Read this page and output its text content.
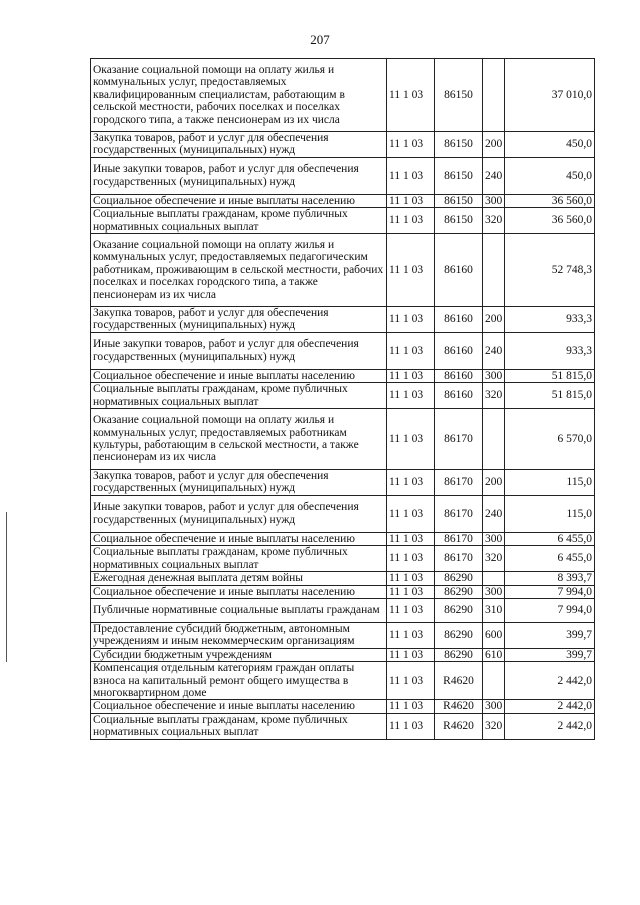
207
Оказание социальной помощи на оплату жилья и коммунальных услуг, предоставляемых квалифицированным специалистам, работающим в сельской местности, рабочих поселках и поселках городского типа, а также пенсионерам из их числа	11 1 03	86150		37 010,0
Закупка товаров, работ и услуг для обеспечения государственных (муниципальных) нужд	11 1 03	86150	200	450,0
Иные закупки товаров, работ и услуг для обеспечения государственных (муниципальных) нужд	11 1 03	86150	240	450,0
Социальное обеспечение и иные выплаты населению	11 1 03	86150	300	36 560,0
Социальные выплаты гражданам, кроме публичных нормативных социальных выплат	11 1 03	86150	320	36 560,0
Оказание социальной помощи на оплату жилья и коммунальных услуг, предоставляемых педагогическим работникам, проживающим в сельской местности, рабочих поселках и поселках городского типа, а также пенсионерам из их числа	11 1 03	86160		52 748,3
Закупка товаров, работ и услуг для обеспечения государственных (муниципальных) нужд	11 1 03	86160	200	933,3
Иные закупки товаров, работ и услуг для обеспечения государственных (муниципальных) нужд	11 1 03	86160	240	933,3
Социальное обеспечение и иные выплаты населению	11 1 03	86160	300	51 815,0
Социальные выплаты гражданам, кроме публичных нормативных социальных выплат	11 1 03	86160	320	51 815,0
Оказание социальной помощи на оплату жилья и коммунальных услуг, предоставляемых работникам культуры, работающим в сельской местности, а также пенсионерам из их числа	11 1 03	86170		6 570,0
Закупка товаров, работ и услуг для обеспечения государственных (муниципальных) нужд	11 1 03	86170	200	115,0
Иные закупки товаров, работ и услуг для обеспечения государственных (муниципальных) нужд	11 1 03	86170	240	115,0
Социальное обеспечение и иные выплаты населению	11 1 03	86170	300	6 455,0
Социальные выплаты гражданам, кроме публичных нормативных социальных выплат	11 1 03	86170	320	6 455,0
Ежегодная денежная выплата детям войны	11 1 03	86290		8 393,7
Социальное обеспечение и иные выплаты населению	11 1 03	86290	300	7 994,0
Публичные нормативные социальные выплаты гражданам	11 1 03	86290	310	7 994,0
Предоставление субсидий бюджетным, автономным учреждениям и иным некоммерческим организациям	11 1 03	86290	600	399,7
Субсидии бюджетным учреждениям	11 1 03	86290	610	399,7
Компенсация отдельным категориям граждан оплаты взноса на капитальный ремонт общего имущества в многоквартирном доме	11 1 03	R4620		2 442,0
Социальное обеспечение и иные выплаты населению	11 1 03	R4620	300	2 442,0
Социальные выплаты гражданам, кроме публичных нормативных социальных выплат	11 1 03	R4620	320	2 442,0
